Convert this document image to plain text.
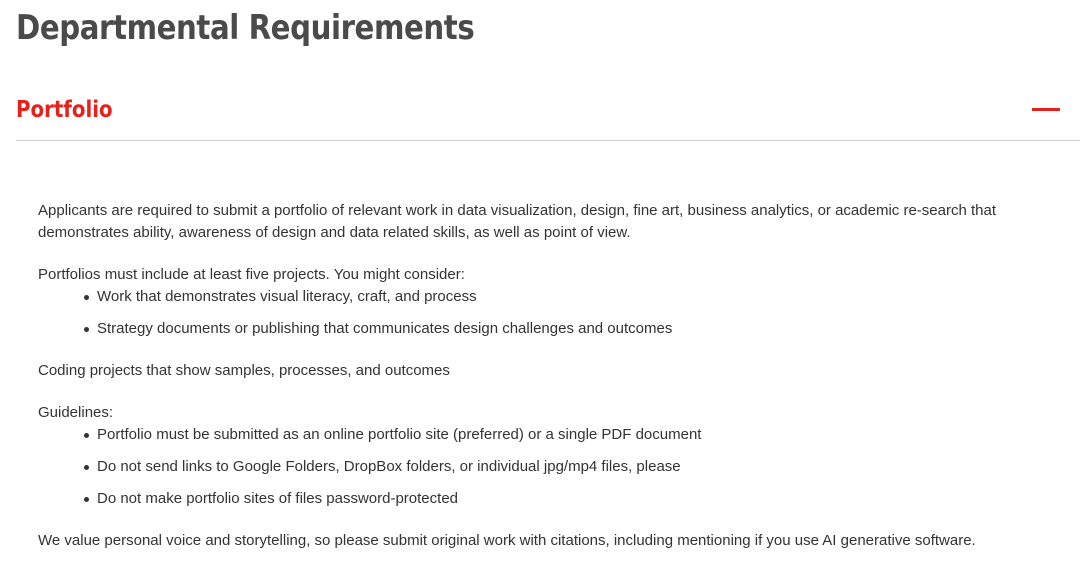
Departmental Requirements
Portfolio

Applicants are required to submit a portfolio of relevant work in data visualization, design, fine art, business analytics, or academic re-search that demonstrates ability, awareness of design and data related skills, as well as point of view.

Portfolios must include at least five projects. You might consider:

Work that demonstrates visual literacy, craft, and process
Strategy documents or publishing that communicates design challenges and outcomes

Coding projects that show samples, processes, and outcomes

Guidelines:

Portfolio must be submitted as an online portfolio site (preferred) or a single PDF document
Do not send links to Google Folders, DropBox folders, or individual jpg/mp4 files, please
Do not make portfolio sites of files password-protected

We value personal voice and storytelling, so please submit original work with citations, including mentioning if you use AI generative software.
